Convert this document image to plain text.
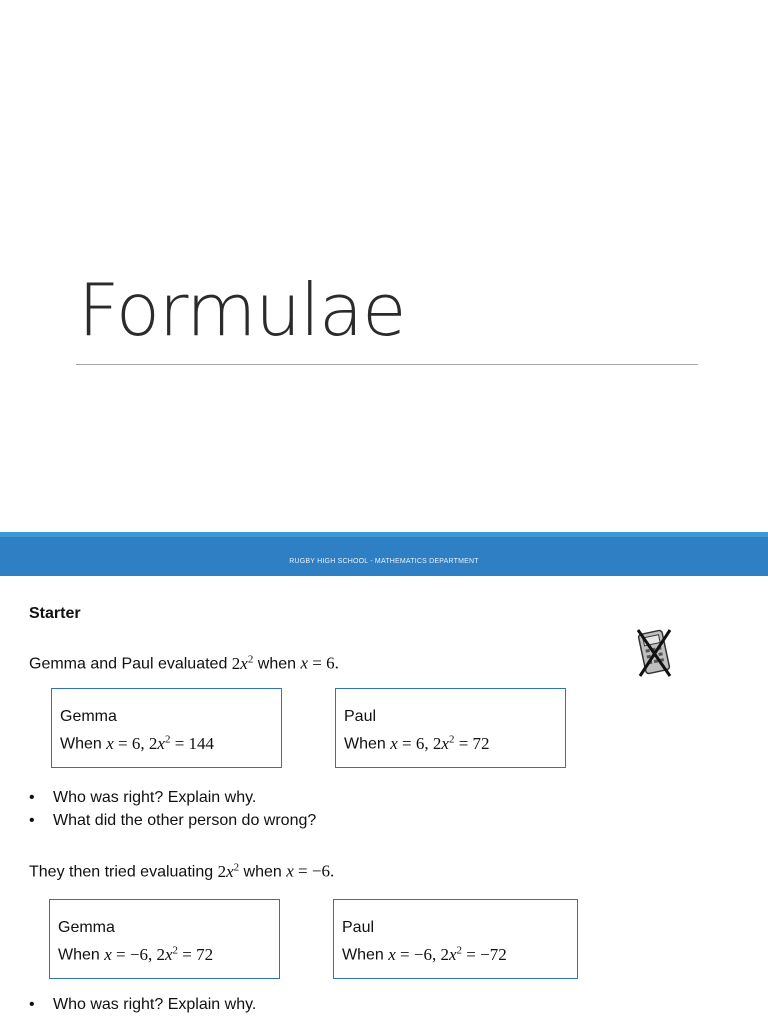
Formulae
RUGBY HIGH SCHOOL - MATHEMATICS DEPARTMENT
Starter
Gemma and Paul evaluated $2x^2$ when x = 6.
Gemma
When x = 6, $2x^2 = 144$
Paul
When x = 6, $2x^2 = 72$
• Who was right? Explain why.
• What did the other person do wrong?
They then tried evaluating $2x^2$ when x = −6.
Gemma
When x = −6, $2x^2 = 72$
Paul
When x = −6, $2x^2 = -72$
• Who was right? Explain why.
